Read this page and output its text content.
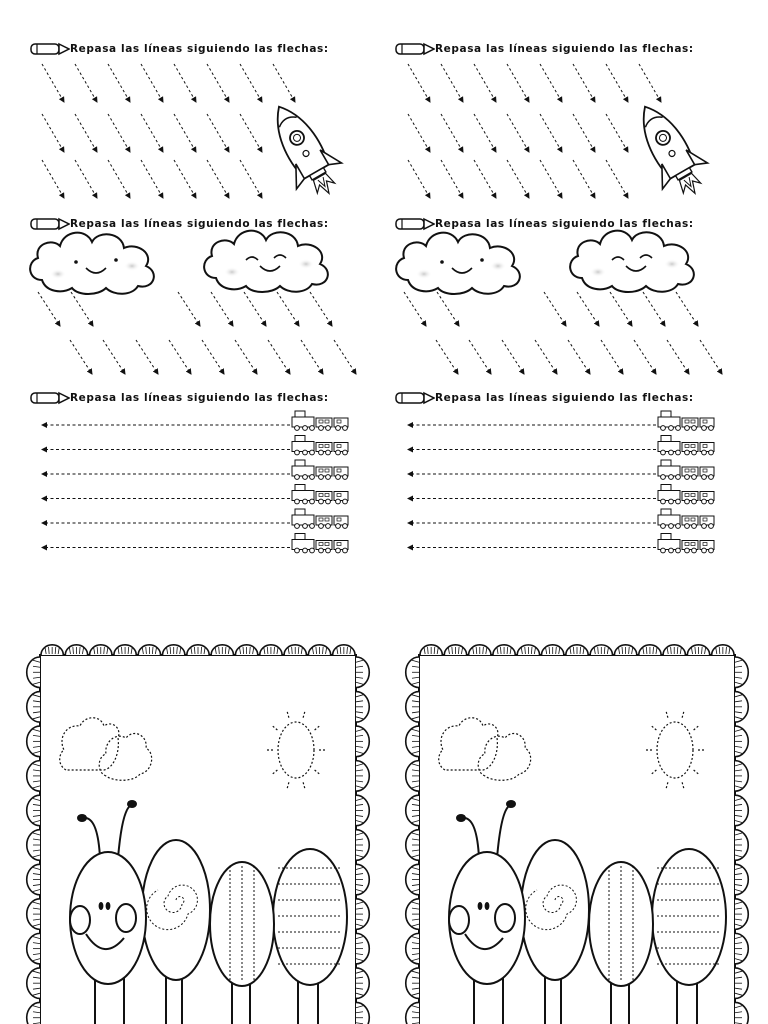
Repasa las líneas siguiendo las flechas:
Repasa las líneas siguiendo las flechas:
Repasa las líneas siguiendo las flechas:
Repasa las líneas siguiendo las flechas:
Repasa las líneas siguiendo las flechas:
Repasa las líneas siguiendo las flechas:
